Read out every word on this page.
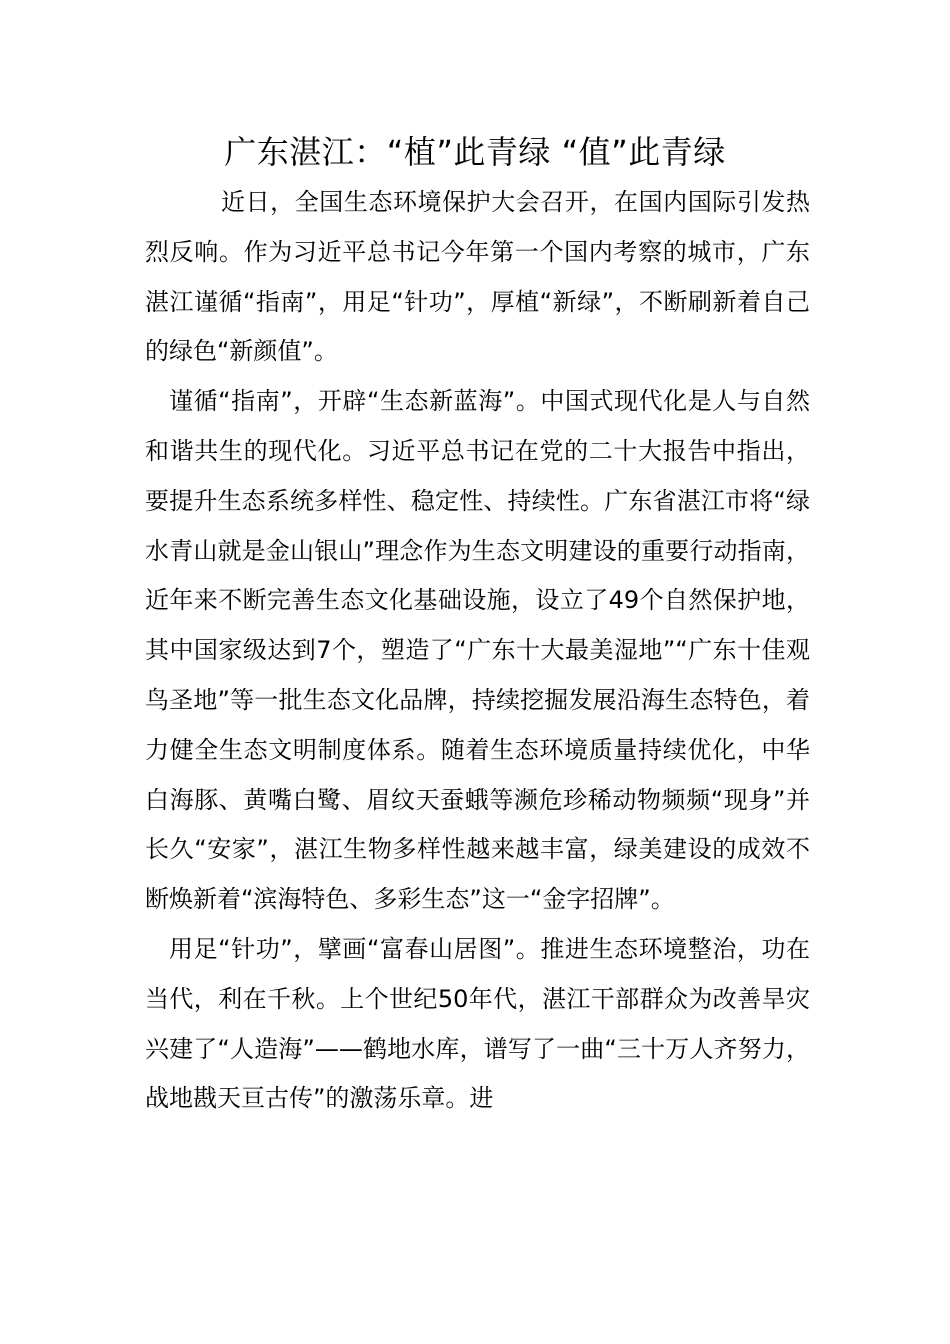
广东湛江：“植”此青绿 “值”此青绿

近日，全国生态环境保护大会召开，在国内国际引发热烈反响。作为习近平总书记今年第一个国内考察的城市，广东湛江谨循“指南”，用足“针功”，厚植“新绿”，不断刷新着自己的绿色“新颜值”。

谨循“指南”，开辟“生态新蓝海”。中国式现代化是人与自然和谐共生的现代化。习近平总书记在党的二十大报告中指出，要提升生态系统多样性、稳定性、持续性。广东省湛江市将“绿水青山就是金山银山”理念作为生态文明建设的重要行动指南，近年来不断完善生态文化基础设施，设立了49个自然保护地，其中国家级达到7个，塑造了“广东十大最美湿地”“广东十佳观鸟圣地”等一批生态文化品牌，持续挖掘发展沿海生态特色，着力健全生态文明制度体系。随着生态环境质量持续优化，中华白海豚、黄嘴白鹭、眉纹天蚕蛾等濒危珍稀动物频频“现身”并长久“安家”，湛江生物多样性越来越丰富，绿美建设的成效不断焕新着“滨海特色、多彩生态”这一“金字招牌”。

用足“针功”，擘画“富春山居图”。推进生态环境整治，功在当代，利在千秋。上个世纪50年代，湛江干部群众为改善旱灾兴建了“人造海”——鹤地水库，谱写了一曲“三十万人齐努力，战地戡天亘古传”的激荡乐章。进
